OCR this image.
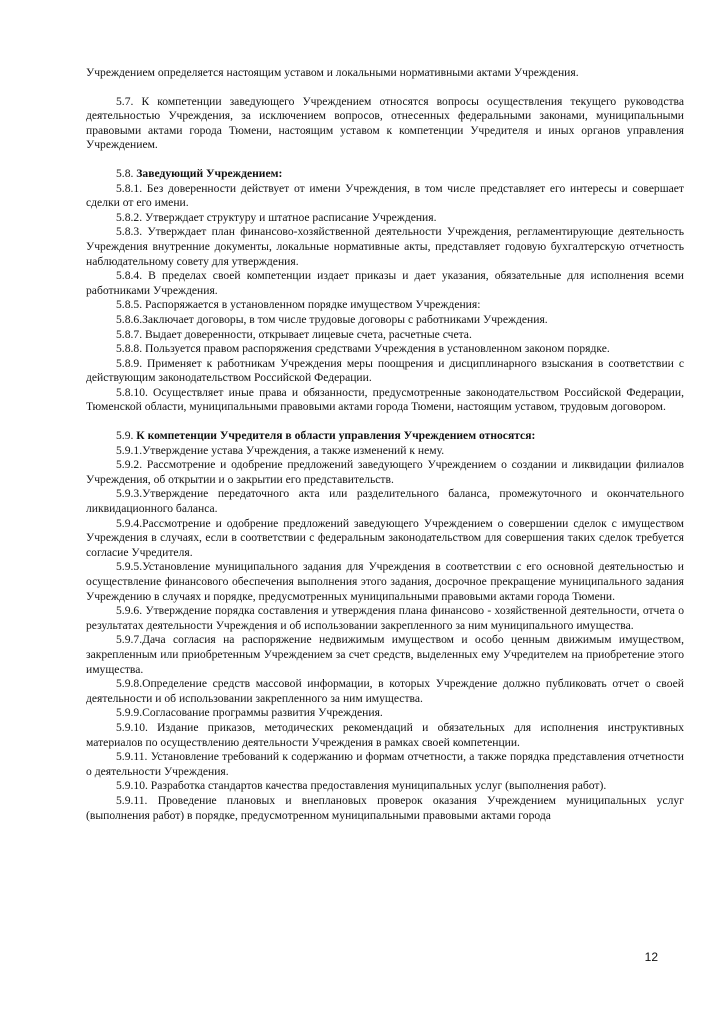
Учреждением определяется настоящим уставом и локальными нормативными актами Учреждения.

5.7. К компетенции заведующего Учреждением относятся вопросы осуществления текущего руководства деятельностью Учреждения, за исключением вопросов, отнесенных федеральными законами, муниципальными правовыми актами города Тюмени, настоящим уставом к компетенции Учредителя и иных органов управления Учреждением.

5.8. Заведующий Учреждением:

5.8.1. Без доверенности действует от имени Учреждения, в том числе представляет его интересы и совершает сделки от его имени.

5.8.2. Утверждает структуру и штатное расписание Учреждения.

5.8.3. Утверждает план финансово-хозяйственной деятельности Учреждения, регламентирующие деятельность Учреждения внутренние документы, локальные нормативные акты, представляет годовую бухгалтерскую отчетность наблюдательному совету для утверждения.

5.8.4. В пределах своей компетенции издает приказы и дает указания, обязательные для исполнения всеми работниками Учреждения.

5.8.5. Распоряжается в установленном порядке имуществом Учреждения:

5.8.6.Заключает договоры, в том числе трудовые договоры с работниками Учреждения.

5.8.7. Выдает доверенности, открывает лицевые счета, расчетные счета.

5.8.8. Пользуется правом распоряжения средствами Учреждения в установленном законом порядке.

5.8.9. Применяет к работникам Учреждения меры поощрения и дисциплинарного взыскания в соответствии с действующим законодательством Российской Федерации.

5.8.10. Осуществляет иные права и обязанности, предусмотренные законодательством Российской Федерации, Тюменской области, муниципальными правовыми актами города Тюмени, настоящим уставом, трудовым договором.

5.9. К компетенции Учредителя в области управления Учреждением относятся:

5.9.1.Утверждение устава Учреждения, а также изменений к нему.

5.9.2. Рассмотрение и одобрение предложений заведующего Учреждением о создании и ликвидации филиалов Учреждения, об открытии и о закрытии его представительств.

5.9.3.Утверждение передаточного акта или разделительного баланса, промежуточного и окончательного ликвидационного баланса.

5.9.4.Рассмотрение и одобрение предложений заведующего Учреждением о совершении сделок с имуществом Учреждения в случаях, если в соответствии с федеральным законодательством для совершения таких сделок требуется согласие Учредителя.

5.9.5.Установление муниципального задания для Учреждения в соответствии с его основной деятельностью и осуществление финансового обеспечения выполнения этого задания, досрочное прекращение муниципального задания Учреждению в случаях и порядке, предусмотренных муниципальными правовыми актами города Тюмени.

5.9.6. Утверждение порядка составления и утверждения плана финансово - хозяйственной деятельности, отчета о результатах деятельности Учреждения и об использовании закрепленного за ним муниципального имущества.

5.9.7.Дача согласия на распоряжение недвижимым имуществом и особо ценным движимым имуществом, закрепленным или приобретенным Учреждением за счет средств, выделенных ему Учредителем на приобретение этого имущества.

5.9.8.Определение средств массовой информации, в которых Учреждение должно публиковать отчет о своей деятельности и об использовании закрепленного за ним имущества.

5.9.9.Согласование программы развития Учреждения.

5.9.10. Издание приказов, методических рекомендаций и обязательных для исполнения инструктивных материалов по осуществлению деятельности Учреждения в рамках своей компетенции.

5.9.11. Установление требований к содержанию и формам отчетности, а также порядка представления отчетности о деятельности Учреждения.

5.9.10. Разработка стандартов качества предоставления муниципальных услуг (выполнения работ).

5.9.11. Проведение плановых и внеплановых проверок оказания Учреждением муниципальных услуг (выполнения работ) в порядке, предусмотренном муниципальными правовыми актами города

12
